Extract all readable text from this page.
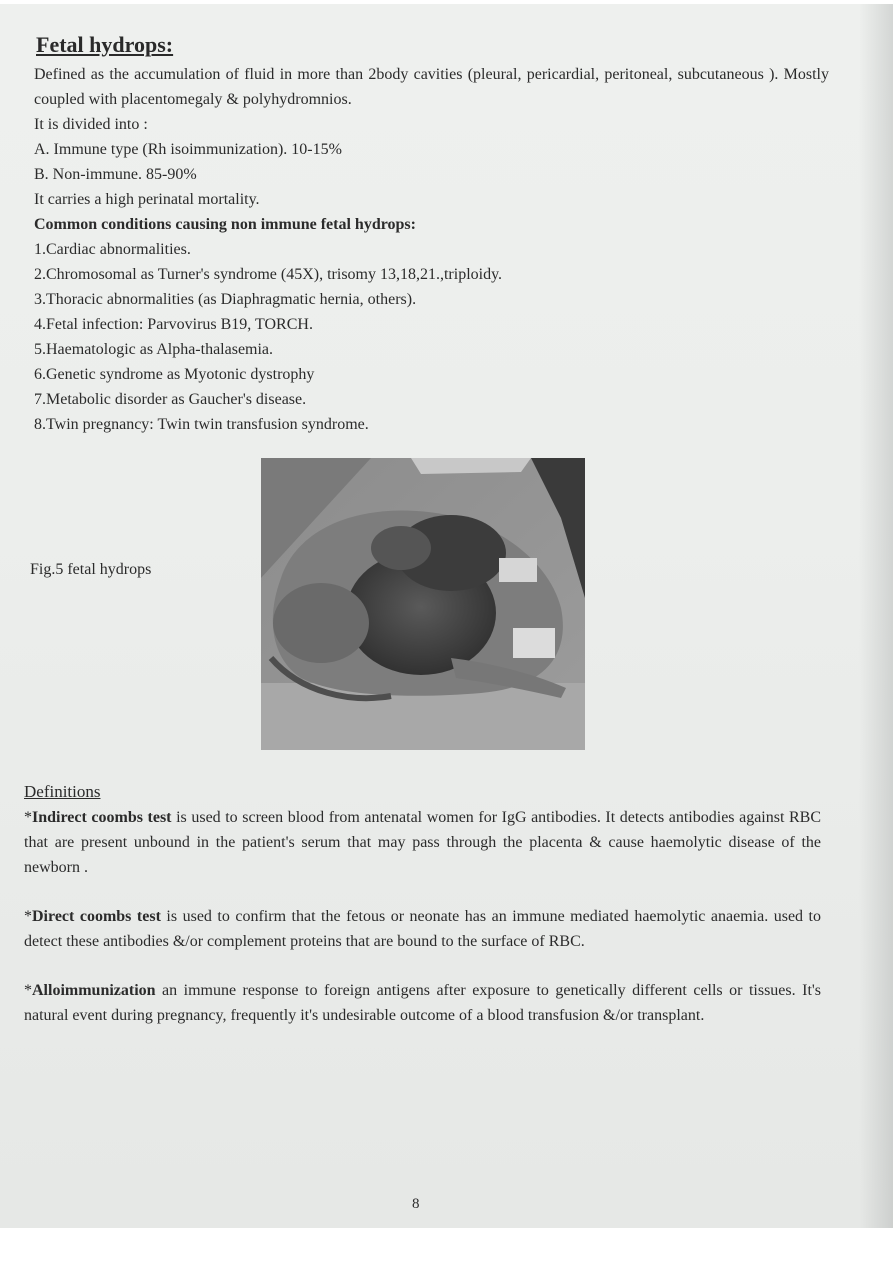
Fetal hydrops:

Defined as the accumulation of fluid in more than 2body cavities (pleural, pericardial, peritoneal, subcutaneous ). Mostly coupled with placentomegaly & polyhydromnios.

It is divided into :

A. Immune type (Rh isoimmunization). 10-15%

B. Non-immune. 85-90%

It carries a high perinatal mortality.

Common conditions causing non immune fetal hydrops:

1.Cardiac abnormalities.

2.Chromosomal as Turner's syndrome (45X), trisomy 13,18,21.,triploidy.

3.Thoracic abnormalities (as Diaphragmatic hernia, others).

4.Fetal infection: Parvovirus B19, TORCH.

5.Haematologic as Alpha-thalasemia.

6.Genetic syndrome as Myotonic dystrophy

7.Metabolic disorder as Gaucher's disease.

8.Twin pregnancy: Twin twin transfusion syndrome.

Fig.5 fetal hydrops

Definitions

*Indirect coombs test is used to screen blood from antenatal women for IgG antibodies. It detects antibodies against RBC that are present unbound in the patient's serum that may pass through the placenta & cause haemolytic disease of the newborn .

*Direct coombs test is used to confirm that the fetous or neonate has an immune mediated haemolytic anaemia. used to detect these antibodies &/or complement proteins that are bound to the surface of RBC.

*Alloimmunization an immune response to foreign antigens after exposure to genetically different cells or tissues. It's natural event during pregnancy, frequently it's undesirable outcome of a blood transfusion &/or transplant.

8
